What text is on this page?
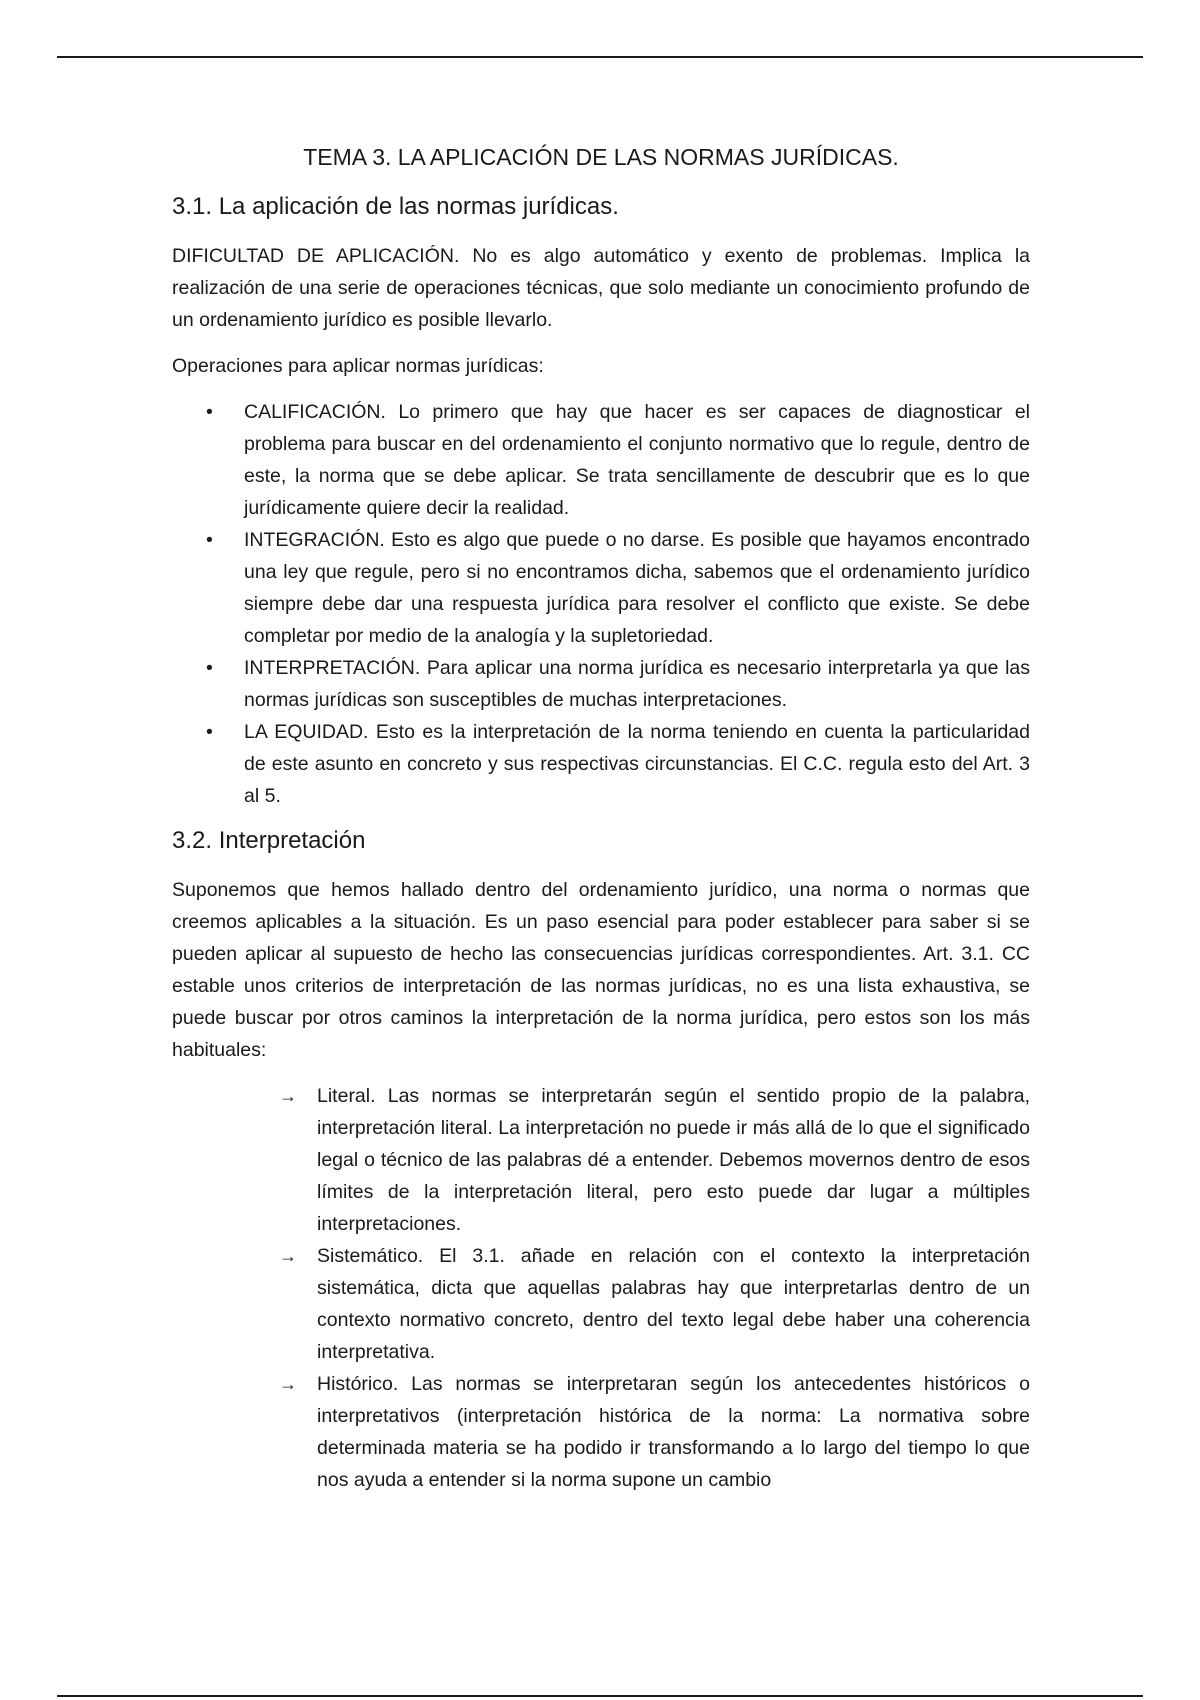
TEMA 3. LA APLICACIÓN DE LAS NORMAS JURÍDICAS.
3.1. La aplicación de las normas jurídicas.

DIFICULTAD DE APLICACIÓN. No es algo automático y exento de problemas. Implica la realización de una serie de operaciones técnicas, que solo mediante un conocimiento profundo de un ordenamiento jurídico es posible llevarlo.

Operaciones para aplicar normas jurídicas:

• CALIFICACIÓN. Lo primero que hay que hacer es ser capaces de diagnosticar el problema para buscar en del ordenamiento el conjunto normativo que lo regule, dentro de este, la norma que se debe aplicar. Se trata sencillamente de descubrir que es lo que jurídicamente quiere decir la realidad.
• INTEGRACIÓN. Esto es algo que puede o no darse. Es posible que hayamos encontrado una ley que regule, pero si no encontramos dicha, sabemos que el ordenamiento jurídico siempre debe dar una respuesta jurídica para resolver el conflicto que existe. Se debe completar por medio de la analogía y la supletoriedad.
• INTERPRETACIÓN. Para aplicar una norma jurídica es necesario interpretarla ya que las normas jurídicas son susceptibles de muchas interpretaciones.
• LA EQUIDAD. Esto es la interpretación de la norma teniendo en cuenta la particularidad de este asunto en concreto y sus respectivas circunstancias. El C.C. regula esto del Art. 3 al 5.
3.2. Interpretación

Suponemos que hemos hallado dentro del ordenamiento jurídico, una norma o normas que creemos aplicables a la situación. Es un paso esencial para poder establecer para saber si se pueden aplicar al supuesto de hecho las consecuencias jurídicas correspondientes. Art. 3.1. CC estable unos criterios de interpretación de las normas jurídicas, no es una lista exhaustiva, se puede buscar por otros caminos la interpretación de la norma jurídica, pero estos son los más habituales:

→ Literal. Las normas se interpretarán según el sentido propio de la palabra, interpretación literal. La interpretación no puede ir más allá de lo que el significado legal o técnico de las palabras dé a entender. Debemos movernos dentro de esos límites de la interpretación literal, pero esto puede dar lugar a múltiples interpretaciones.
→ Sistemático. El 3.1. añade en relación con el contexto la interpretación sistemática, dicta que aquellas palabras hay que interpretarlas dentro de un contexto normativo concreto, dentro del texto legal debe haber una coherencia interpretativa.
→ Histórico. Las normas se interpretaran según los antecedentes históricos o interpretativos (interpretación histórica de la norma: La normativa sobre determinada materia se ha podido ir transformando a lo largo del tiempo lo que nos ayuda a entender si la norma supone un cambio
